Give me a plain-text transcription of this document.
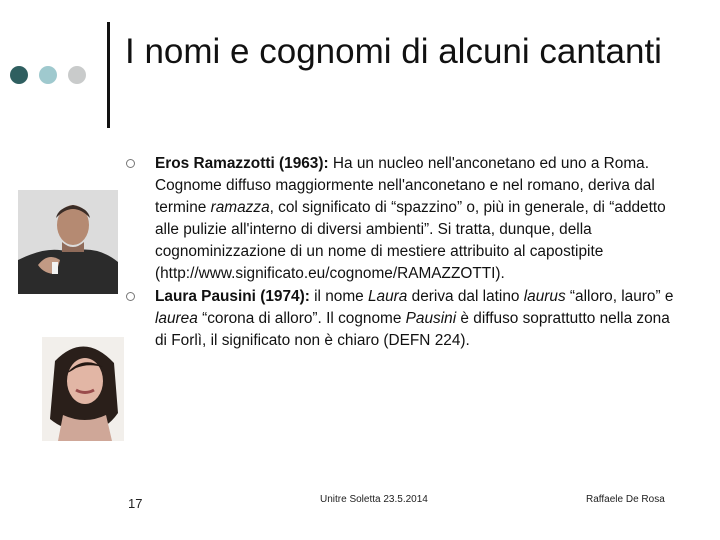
I nomi e cognomi di alcuni cantanti
Eros Ramazzotti (1963): Ha un nucleo nell'anconetano ed uno a Roma. Cognome diffuso maggiormente nell'anconetano e nel romano, deriva dal termine ramazza, col significato di “spazzino” o, più in generale, di “addetto alle pulizie all'interno di diversi ambienti”. Si tratta, dunque, della cognominizzazione di un nome di mestiere attribuito al capostipite (http://www.significato.eu/cognome/RAMAZZOTTI).
Laura Pausini (1974): il nome Laura deriva dal latino laurus “alloro, lauro” e laurea “corona di alloro”. Il cognome Pausini è diffuso soprattutto nella zona di Forlì, il significato non è chiaro (DEFN 224).
17	Unitre Soletta 23.5.2014	Raffaele De Rosa
